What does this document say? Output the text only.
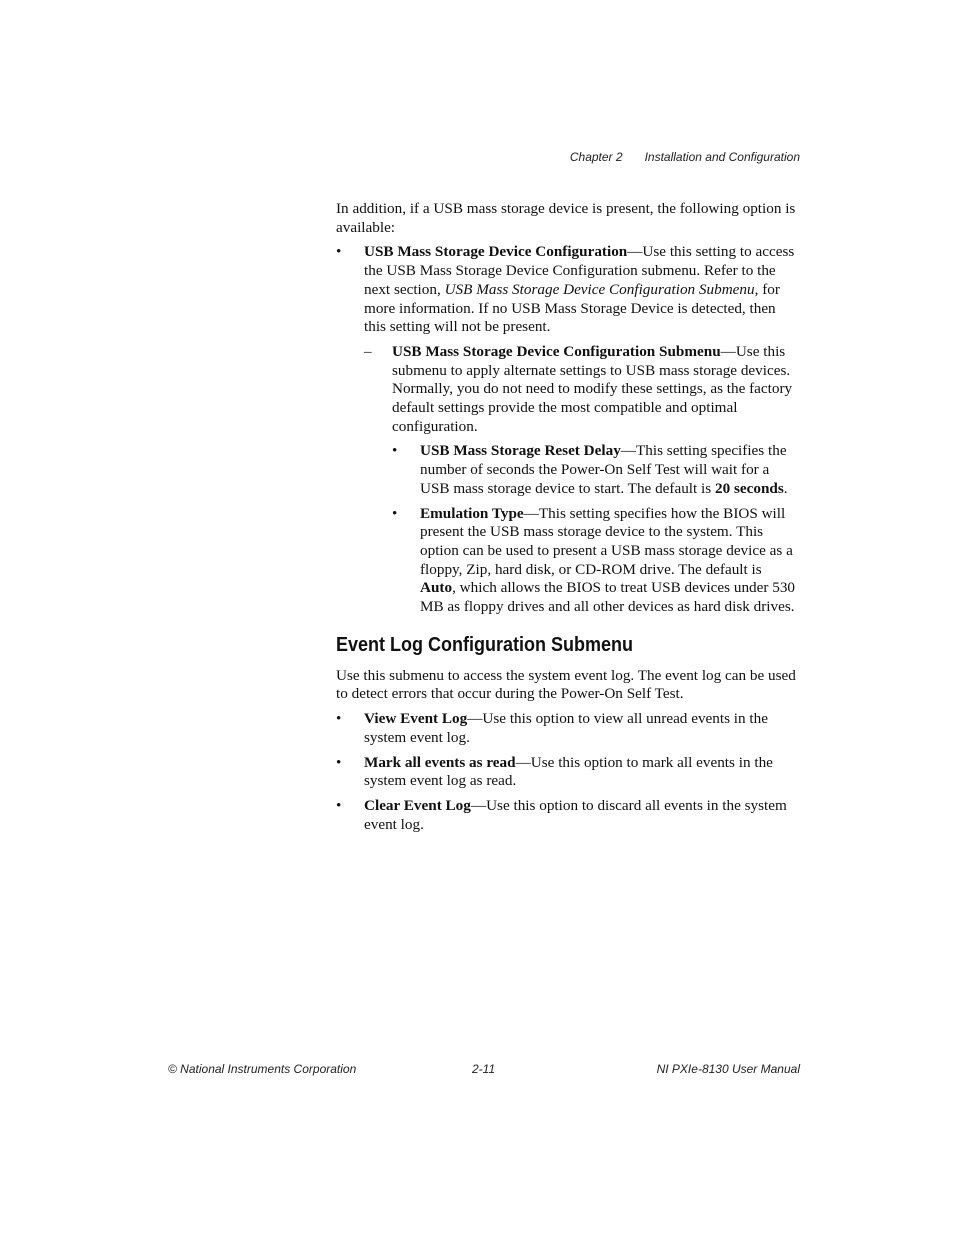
Chapter 2 Installation and Configuration

In addition, if a USB mass storage device is present, the following option is available:

•	USB Mass Storage Device Configuration—Use this setting to access the USB Mass Storage Device Configuration submenu. Refer to the next section, USB Mass Storage Device Configuration Submenu, for more information. If no USB Mass Storage Device is detected, then this setting will not be present.
–	USB Mass Storage Device Configuration Submenu—Use this submenu to apply alternate settings to USB mass storage devices. Normally, you do not need to modify these settings, as the factory default settings provide the most compatible and optimal configuration.
•	USB Mass Storage Reset Delay—This setting specifies the number of seconds the Power-On Self Test will wait for a USB mass storage device to start. The default is 20 seconds.
•	Emulation Type—This setting specifies how the BIOS will present the USB mass storage device to the system. This option can be used to present a USB mass storage device as a floppy, Zip, hard disk, or CD-ROM drive. The default is Auto, which allows the BIOS to treat USB devices under 530 MB as floppy drives and all other devices as hard disk drives.
Event Log Configuration Submenu

Use this submenu to access the system event log. The event log can be used to detect errors that occur during the Power-On Self Test.

•	View Event Log—Use this option to view all unread events in the system event log.
•	Mark all events as read—Use this option to mark all events in the system event log as read.
•	Clear Event Log—Use this option to discard all events in the system event log.
© National Instruments Corporation	2-11	NI PXIe-8130 User Manual
